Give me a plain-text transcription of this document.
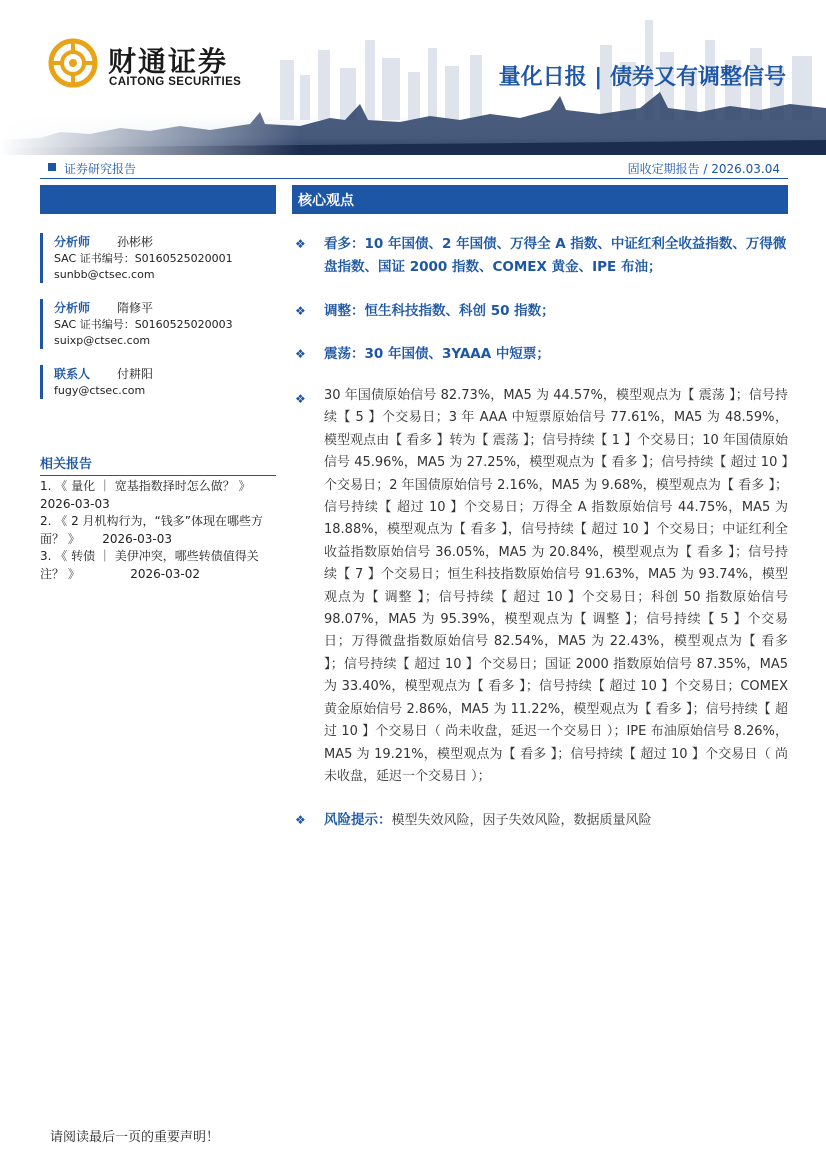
财通证券
CAITONG SECURITIES	量化日报 | 债券又有调整信号
证券研究报告	固收定期报告 / 2026.03.04
分析师 孙彬彬
SAC 证书编号：S0160525020001
sunbb@ctsec.com
分析师 隋修平
SAC 证书编号：S0160525020003
suixp@ctsec.com
联系人 付耕阳
fugy@ctsec.com
相关报告
1. 《 量化 ｜ 宽基指数择时怎么做？ 》
2026-03-03
2. 《 2 月机构行为，“钱多”体现在哪些方面？ 》	2026-03-03
3. 《 转债 ｜ 美伊冲突，哪些转债值得关注？ 》	2026-03-02
核心观点
❖ 看多：10 年国债、2 年国债、万得全 A 指数、中证红利全收益指数、万得微盘指数、国证 2000 指数、COMEX 黄金、IPE 布油；
❖ 调整：恒生科技指数、科创 50 指数；
❖ 震荡：30 年国债、3YAAA 中短票；
❖ 30 年国债原始信号 82.73%，MA5 为 44.57%，模型观点为【 震荡 】；信号持续【 5 】个交易日；3 年 AAA 中短票原始信号 77.61%，MA5 为 48.59%，模型观点由【 看多 】转为【 震荡 】；信号持续【 1 】个交易日；10 年国债原始信号 45.96%，MA5 为 27.25%，模型观点为【 看多 】；信号持续【 超过 10 】个交易日；2 年国债原始信号 2.16%，MA5 为 9.68%，模型观点为【 看多 】；信号持续【 超过 10 】个交易日；万得全 A 指数原始信号 44.75%，MA5 为 18.88%，模型观点为【 看多 】，信号持续【 超过 10 】个交易日；中证红利全收益指数原始信号 36.05%，MA5 为 20.84%，模型观点为【 看多 】；信号持续【 7 】个交易日；恒生科技指数原始信号 91.63%，MA5 为 93.74%，模型观点为【 调整 】；信号持续【 超过 10 】个交易日；科创 50 指数原始信号 98.07%，MA5 为 95.39%，模型观点为【 调整 】；信号持续【 5 】个交易日；万得微盘指数原始信号 82.54%，MA5 为 22.43%，模型观点为【 看多 】；信号持续【 超过 10 】个交易日；国证 2000 指数原始信号 87.35%，MA5 为 33.40%，模型观点为【 看多 】；信号持续【 超过 10 】个交易日；COMEX 黄金原始信号 2.86%，MA5 为 11.22%，模型观点为【 看多 】；信号持续【 超过 10 】个交易日（ 尚未收盘，延迟一个交易日 ）；IPE 布油原始信号 8.26%，MA5 为 19.21%，模型观点为【 看多 】；信号持续【 超过 10 】个交易日（ 尚未收盘，延迟一个交易日 ）；
❖ 风险提示：模型失效风险，因子失效风险，数据质量风险
请阅读最后一页的重要声明！
